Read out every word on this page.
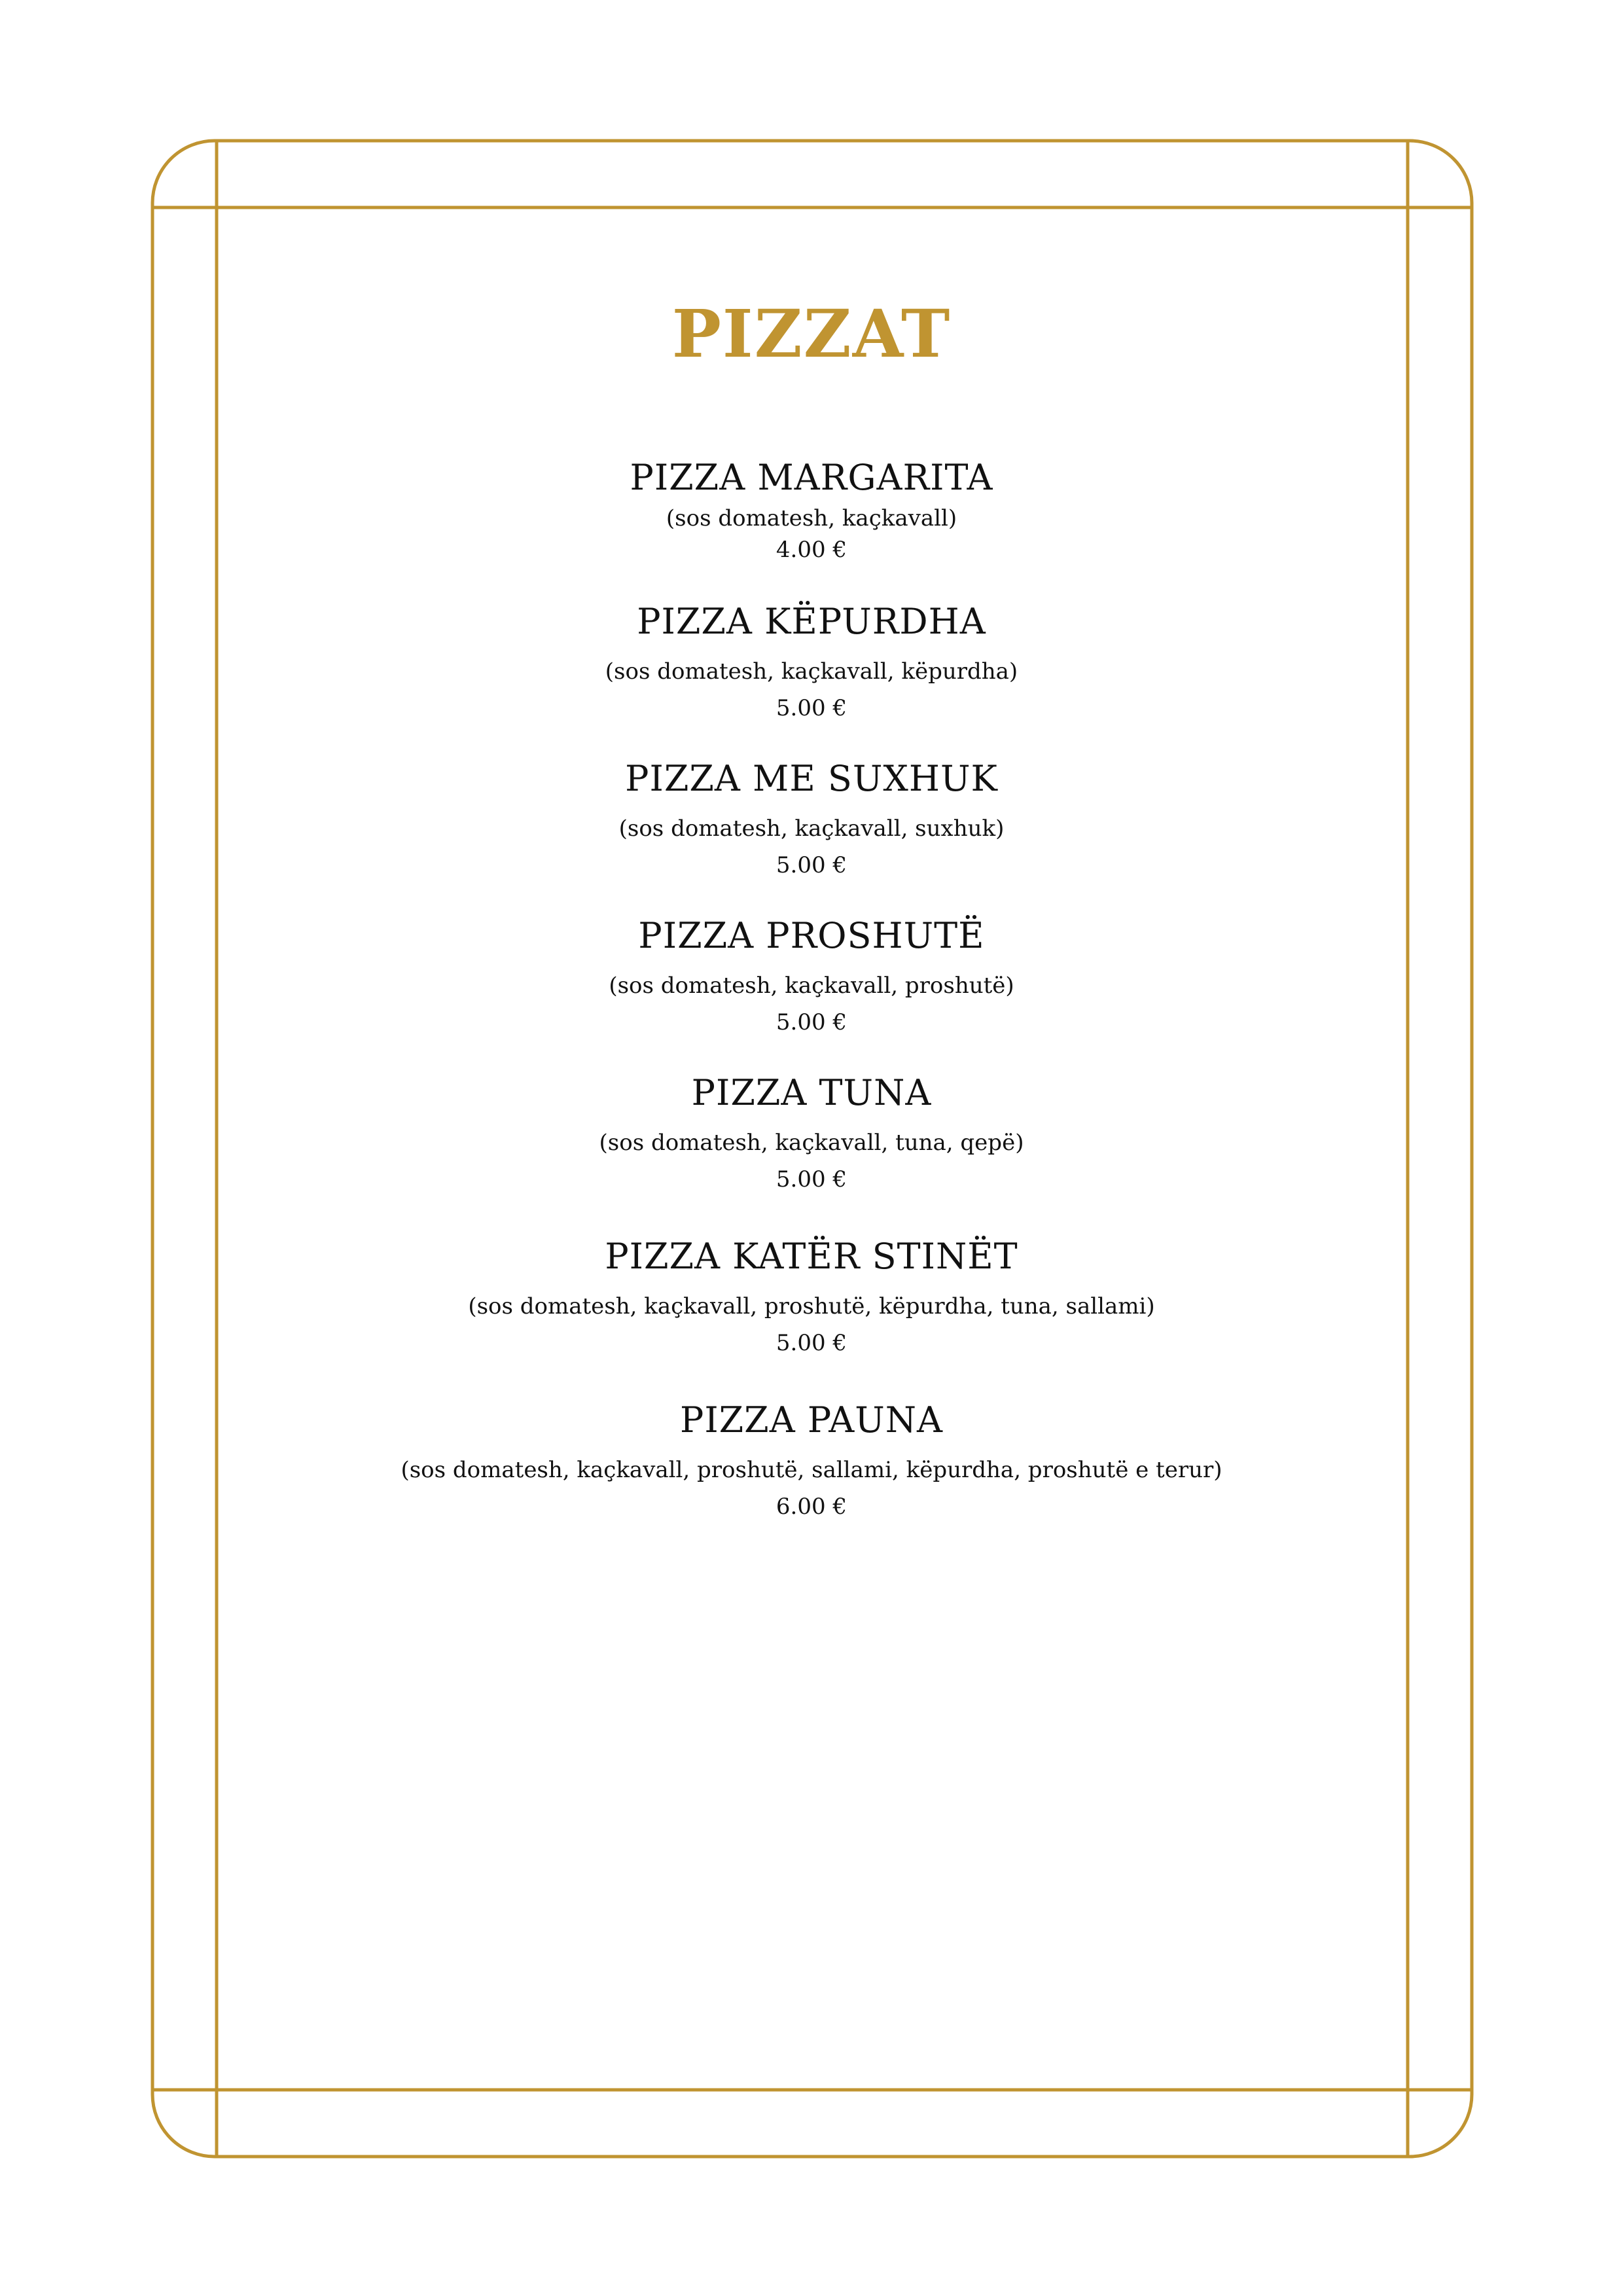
PIZZAT
PIZZA MARGARITA
(sos domatesh, kaçkavall)
4.00 €
PIZZA KËPURDHA
(sos domatesh, kaçkavall, këpurdha)
5.00 €
PIZZA ME SUXHUK
(sos domatesh, kaçkavall, suxhuk)
5.00 €
PIZZA PROSHUTË
(sos domatesh, kaçkavall, proshutë)
5.00 €
PIZZA TUNA
(sos domatesh, kaçkavall, tuna, qepë)
5.00 €
PIZZA KATËR STINËT
(sos domatesh, kaçkavall, proshutë, këpurdha, tuna, sallami)
5.00 €
PIZZA PAUNA
(sos domatesh, kaçkavall, proshutë, sallami, këpurdha, proshutë e terur)
6.00 €
